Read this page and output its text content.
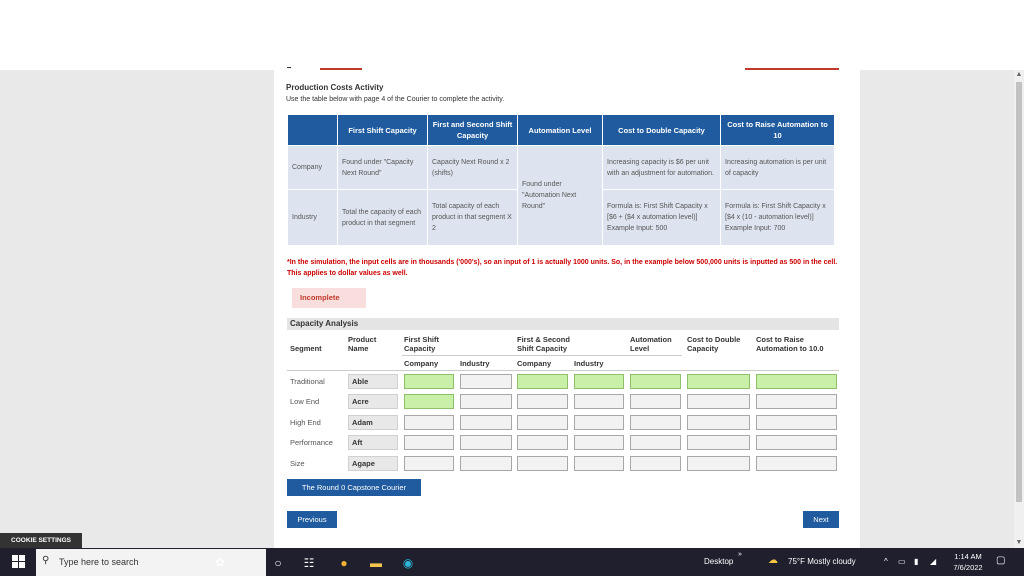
▲
▼
Production Costs Activity
Use the table below with page 4 of the Courier to complete the activity.
	First Shift Capacity	First and Second Shift Capacity	Automation Level	Cost to Double Capacity	Cost to Raise Automation to 10
Company	Found under "Capacity Next Round"	Capacity Next Round x 2 (shifts)	Found under "Automation Next Round"	Increasing capacity is $6 per unit with an adjustment for automation.	Increasing automation is per unit of capacity
Industry	Total the capacity of each product in that segment	Total capacity of each product in that segment X 2		Formula is: First Shift Capacity x [$6 + ($4 x automation level)] Example Input: 500	Formula is: First Shift Capacity x [$4 x (10 - automation level)] Example Input: 700
*In the simulation, the input cells are in thousands ('000's), so an input of 1 is actually 1000 units. So, in the example below 500,000 units is inputted as 500 in the cell. This applies to dollar values as well.
Incomplete
Capacity Analysis
Segment
Product Name
First Shift Capacity
First & Second Shift Capacity
Automation Level
Cost to Double Capacity
Cost to Raise Automation to 10.0
Company	Industry	Company	Industry
Traditional	Able
Low End	Acre
High End	Adam
Performance	Aft
Size	Agape
The Round 0 Capstone Courier
Previous	Next
COOKIE SETTINGS
⚲ Type here to search	✿	○	☷	●	▬	◉	Desktop
»
☁ 75°F Mostly cloudy	^ ▭ ▮ ◢
1:14 AM
7/6/2022
▢
